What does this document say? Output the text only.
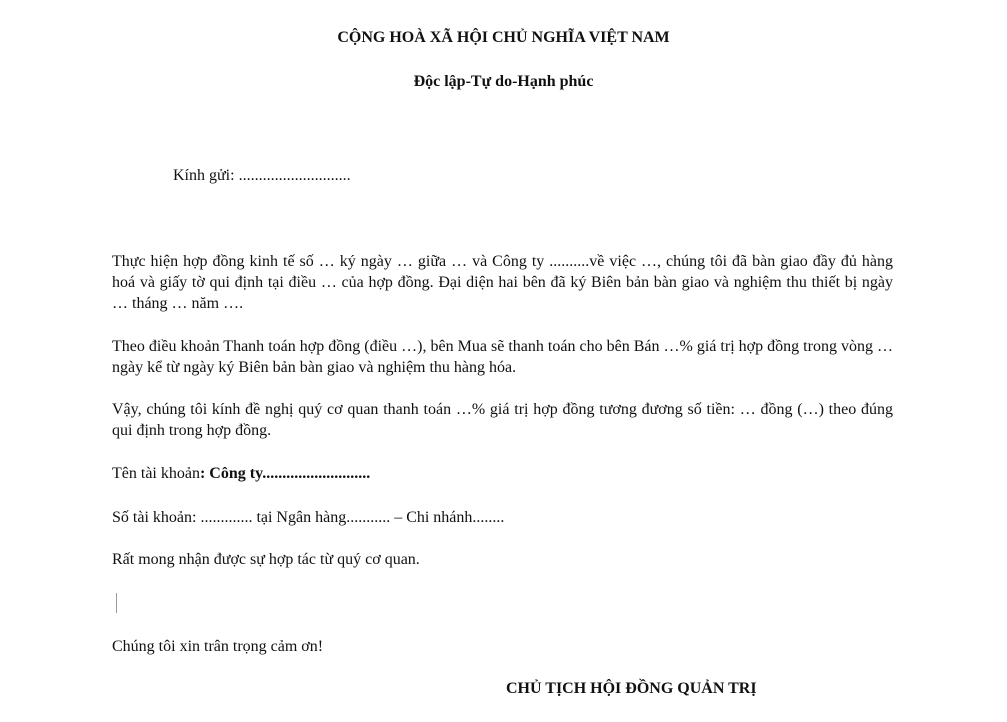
CỘNG HOÀ XÃ HỘI CHỦ NGHĨA VIỆT NAM

Độc lập-Tự do-Hạnh phúc

Kính gửi: ............................

Thực hiện hợp đồng kinh tế số … ký ngày … giữa … và Công ty ..........về việc …, chúng tôi đã bàn giao đầy đủ hàng hoá và giấy tờ qui định tại điều … của hợp đồng. Đại diện hai bên đã ký Biên bản bàn giao và nghiệm thu thiết bị ngày … tháng … năm ….

Theo điều khoản Thanh toán hợp đồng (điều …), bên Mua sẽ thanh toán cho bên Bán …% giá trị hợp đồng trong vòng …ngày kể từ ngày ký Biên bản bàn giao và nghiệm thu hàng hóa.

Vậy, chúng tôi kính đề nghị quý cơ quan thanh toán …% giá trị hợp đồng tương đương số tiền: … đồng (…) theo đúng qui định trong hợp đồng.

Tên tài khoản: Công ty...........................

Số tài khoản: ............. tại Ngân hàng........... – Chi nhánh........

Rất mong nhận được sự hợp tác từ quý cơ quan.

Chúng tôi xin trân trọng cảm ơn!

CHỦ TỊCH HỘI ĐỒNG QUẢN TRỊ
